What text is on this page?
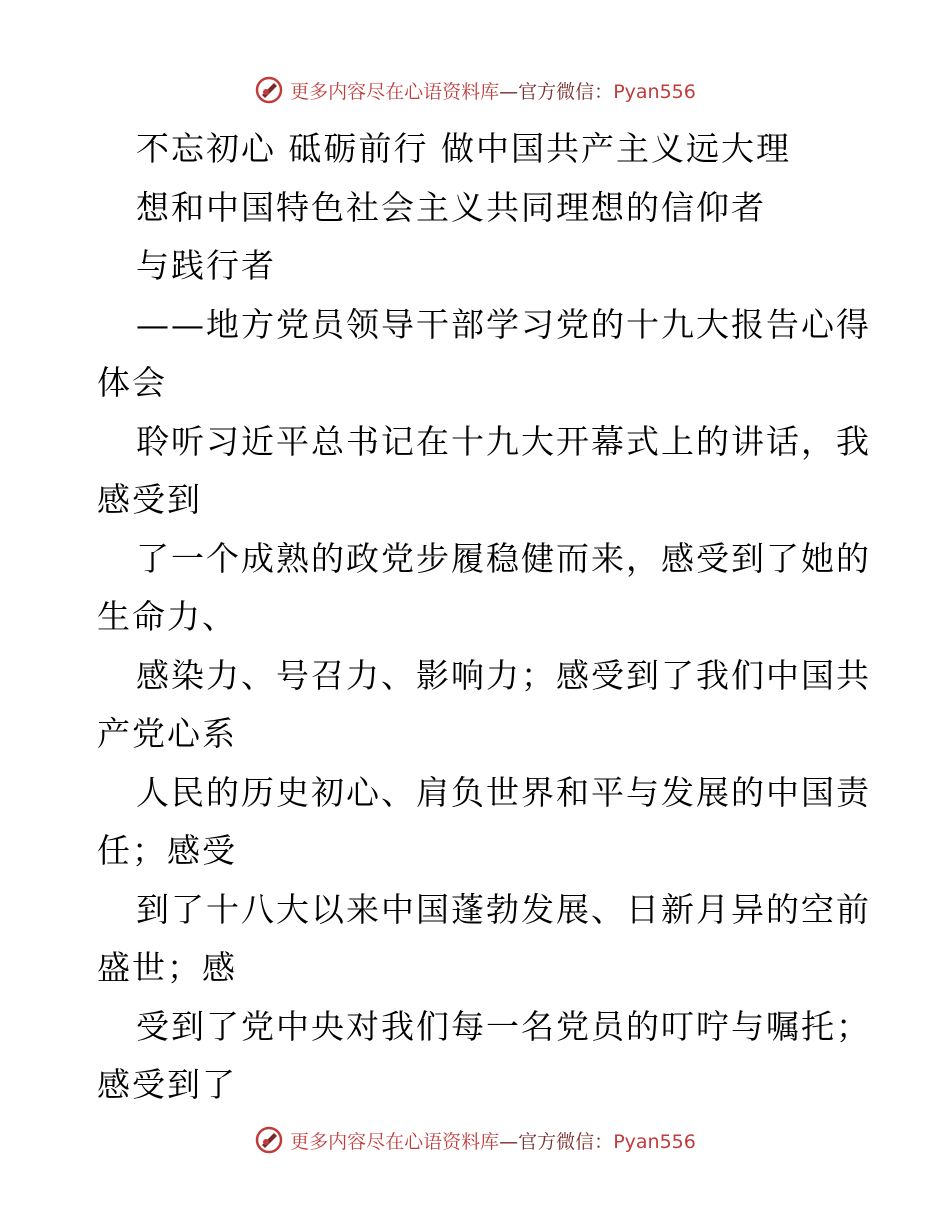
更多内容尽在心语资料库—官方微信：Pyan556
不忘初心 砥砺前行 做中国共产主义远大理
想和中国特色社会主义共同理想的信仰者
与践行者
——地方党员领导干部学习党的十九大报告心得
体会
聆听习近平总书记在十九大开幕式上的讲话，我
感受到
了一个成熟的政党步履稳健而来，感受到了她的
生命力、
感染力、号召力、影响力；感受到了我们中国共
产党心系
人民的历史初心、肩负世界和平与发展的中国责
任；感受
到了十八大以来中国蓬勃发展、日新月异的空前
盛世；感
受到了党中央对我们每一名党员的叮咛与嘱托；
感受到了
更多内容尽在心语资料库—官方微信：Pyan556
